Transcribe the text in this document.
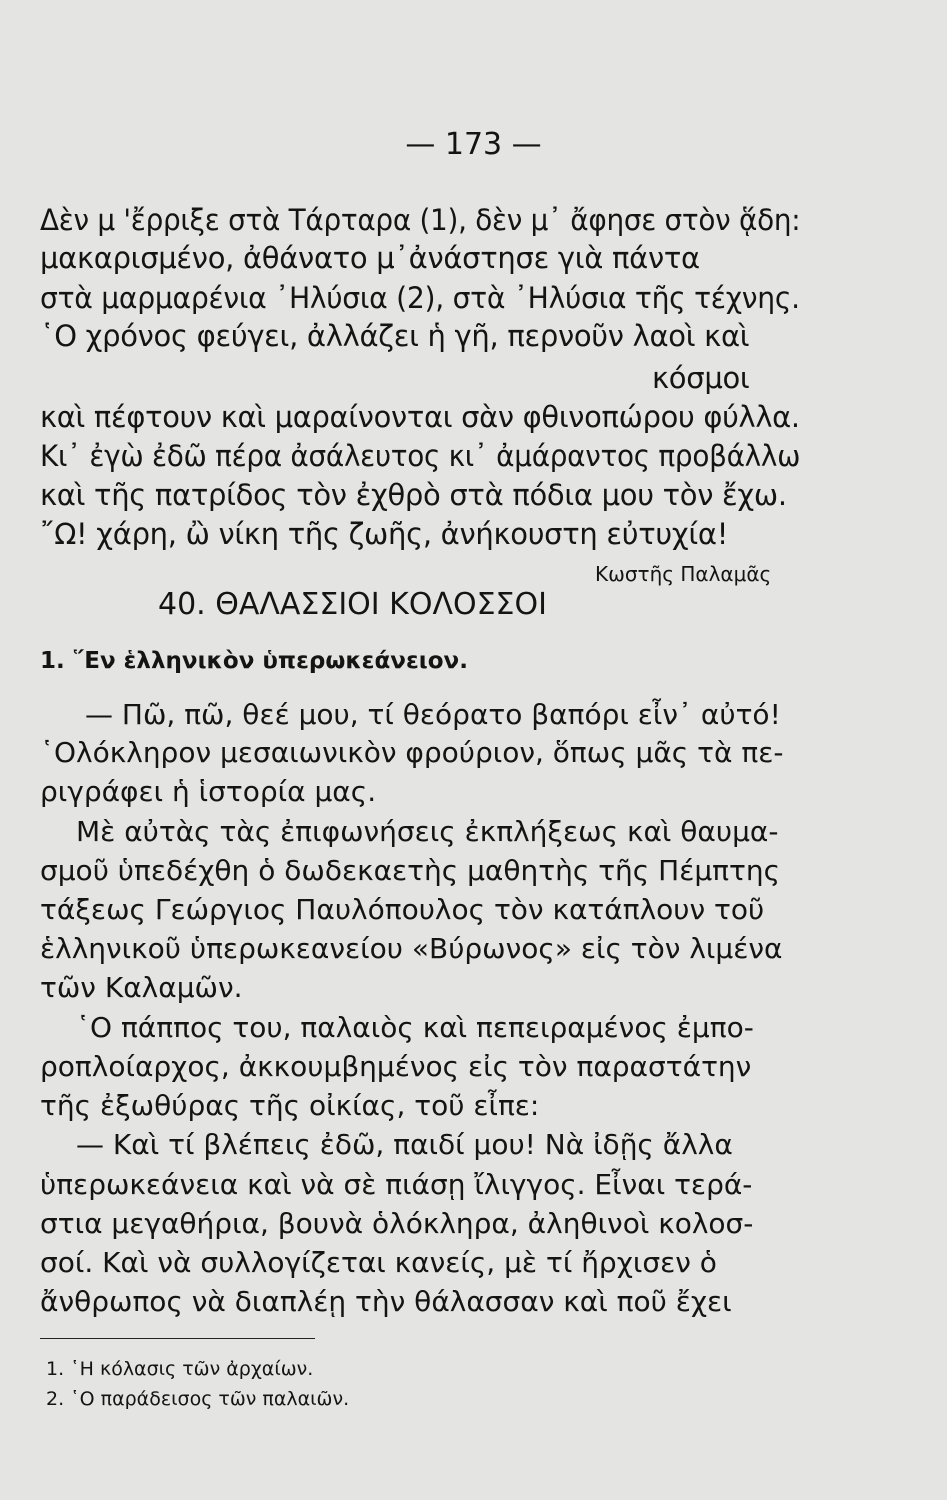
— 173 —
Δὲν μ 'ἔρριξε στὰ Τάρταρα (1), δὲν μ᾽ ἄφησε στὸν ᾅδη:
μακαρισμένο, ἀθάνατο μ᾽ἀνάστησε γιὰ πάντα
στὰ μαρμαρένια ᾽Ηλύσια (2), στὰ ᾽Ηλύσια τῆς τέχνης.
῾Ο χρόνος φεύγει, ἀλλάζει ἡ γῆ, περνοῦν λαοὶ καὶ
κόσμοι
καὶ πέφτουν καὶ μαραίνονται σὰν φθινοπώρου φύλλα.
Κι᾽ ἐγὼ ἐδῶ πέρα ἀσάλευτος κι᾽ ἀμάραντος προβάλλω
καὶ τῆς πατρίδος τὸν ἐχθρὸ στὰ πόδια μου τὸν ἔχω.
῎Ω! χάρη, ὢ νίκη τῆς ζωῆς, ἀνήκουστη εὐτυχία!
Κωστῆς Παλαμᾶς
40. ΘΑΛΑΣΣΙΟΙ ΚΟΛΟΣΣΟΙ
1. ῞Εν ἑλληνικὸν ὑπερωκεάνειον.
— Πῶ, πῶ, θεέ μου, τί θεόρατο βαπόρι εἶν᾽ αὐτό!
῾Ολόκληρον μεσαιωνικὸν φρούριον, ὅπως μᾶς τὰ πε-
ριγράφει ἡ ἱστορία μας.
Μὲ αὐτὰς τὰς ἐπιφωνήσεις ἐκπλήξεως καὶ θαυμα-
σμοῦ ὑπεδέχθη ὁ δωδεκαετὴς μαθητὴς τῆς Πέμπτης
τάξεως Γεώργιος Παυλόπουλος τὸν κατάπλουν τοῦ
ἑλληνικοῦ ὑπερωκεανείου «Βύρωνος» εἰς τὸν λιμένα
τῶν Καλαμῶν.
῾Ο πάππος του, παλαιὸς καὶ πεπειραμένος ἐμπο-
ροπλοίαρχος, ἀκκουμβημένος εἰς τὸν παραστάτην
τῆς ἐξωθύρας τῆς οἰκίας, τοῦ εἶπε:
— Καὶ τί βλέπεις ἐδῶ, παιδί μου! Νὰ ἰδῇς ἄλλα
ὑπερωκεάνεια καὶ νὰ σὲ πιάσῃ ἴλιγγος. Εἶναι τερά-
στια μεγαθήρια, βουνὰ ὁλόκληρα, ἀληθινοὶ κολοσ-
σοί. Καὶ νὰ συλλογίζεται κανείς, μὲ τί ἤρχισεν ὁ
ἄνθρωπος νὰ διαπλέῃ τὴν θάλασσαν καὶ ποῦ ἔχει
1. ῾Η κόλασις τῶν ἀρχαίων.
2. ῾Ο παράδεισος τῶν παλαιῶν.
